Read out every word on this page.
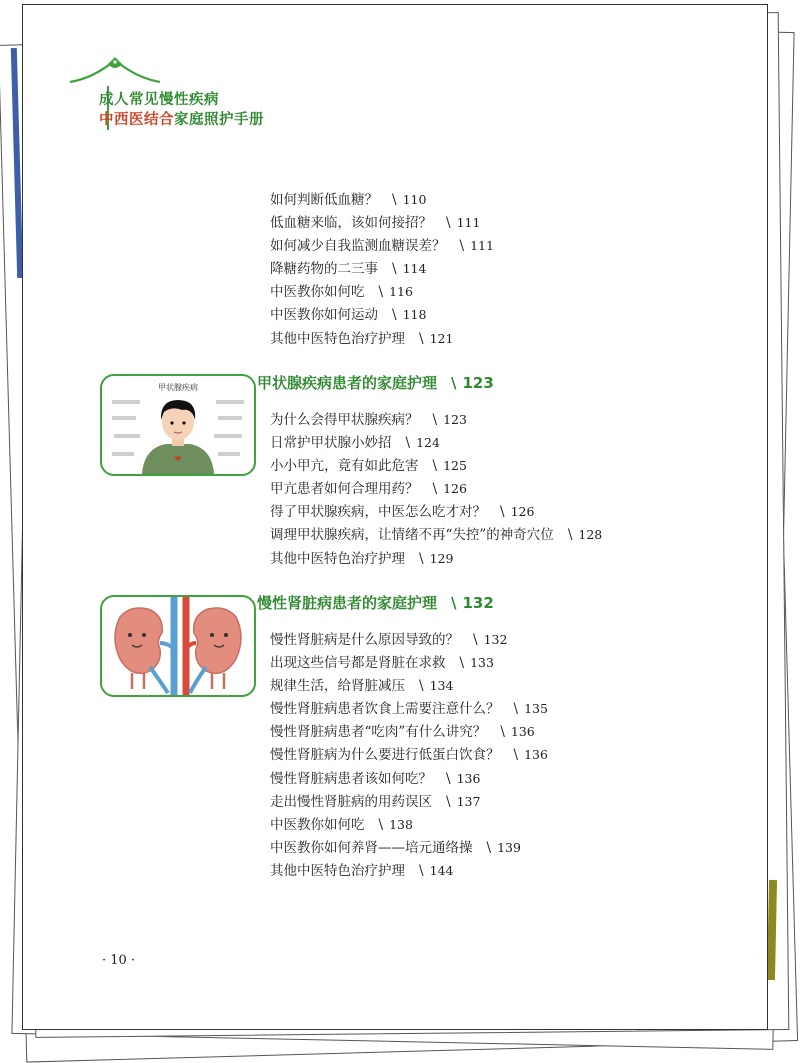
成人常见慢性疾病
中西医结合家庭照护手册
如何判断低血糖？ \ 110
低血糖来临，该如何接招？ \ 111
如何减少自我监测血糖误差？ \ 111
降糖药物的二三事 \ 114
中医教你如何吃 \ 116
中医教你如何运动 \ 118
其他中医特色治疗护理 \ 121
甲状腺疾病	甲状腺疾病患者的家庭护理 \ 123
为什么会得甲状腺疾病？ \ 123
日常护甲状腺小妙招 \ 124
小小甲亢，竟有如此危害 \ 125
甲亢患者如何合理用药？ \ 126
得了甲状腺疾病，中医怎么吃才对？ \ 126
调理甲状腺疾病，让情绪不再“失控”的神奇穴位 \ 128
其他中医特色治疗护理 \ 129
慢性肾脏病患者的家庭护理 \ 132
慢性肾脏病是什么原因导致的？ \ 132
出现这些信号都是肾脏在求救 \ 133
规律生活，给肾脏减压 \ 134
慢性肾脏病患者饮食上需要注意什么？ \ 135
慢性肾脏病患者“吃肉”有什么讲究？ \ 136
慢性肾脏病为什么要进行低蛋白饮食？ \ 136
慢性肾脏病患者该如何吃？ \ 136
走出慢性肾脏病的用药误区 \ 137
中医教你如何吃 \ 138
中医教你如何养肾——培元通络操 \ 139
其他中医特色治疗护理 \ 144
· 10 ·
